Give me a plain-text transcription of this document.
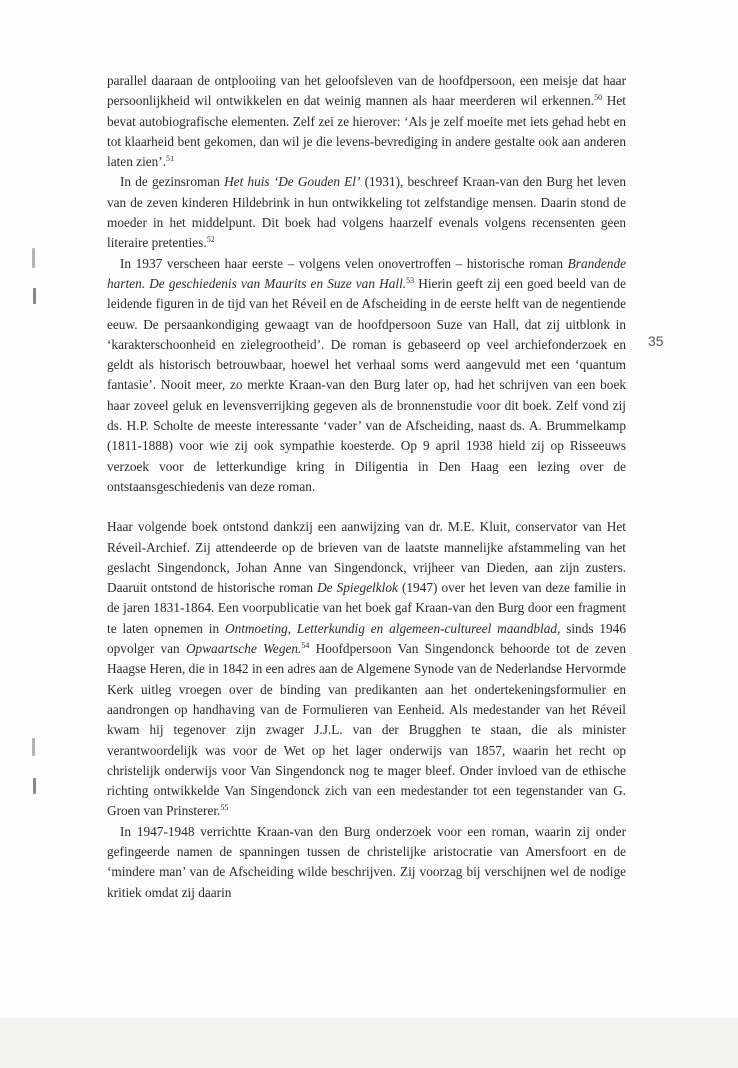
parallel daaraan de ontplooiing van het geloofsleven van de hoofdpersoon, een meisje dat haar persoonlijkheid wil ontwikkelen en dat weinig mannen als haar meerderen wil erkennen.$^{50}$ Het bevat autobiografische elementen. Zelf zei ze hierover: ‘Als je zelf moeite met iets gehad hebt en tot klaarheid bent gekomen, dan wil je die levens-bevrediging in andere gestalte ook aan anderen laten zien’.$^{51}$

In de gezinsroman Het huis ‘De Gouden El’ (1931), beschreef Kraan-van den Burg het leven van de zeven kinderen Hildebrink in hun ontwikkeling tot zelfstandige mensen. Daarin stond de moeder in het middelpunt. Dit boek had volgens haarzelf evenals volgens recensenten geen literaire pretenties.$^{52}$

In 1937 verscheen haar eerste – volgens velen onovertroffen – historische roman Brandende harten. De geschiedenis van Maurits en Suze van Hall.$^{53}$ Hierin geeft zij een goed beeld van de leidende figuren in de tijd van het Réveil en de Afscheiding in de eerste helft van de negentiende eeuw. De persaankondiging gewaagt van de hoofdpersoon Suze van Hall, dat zij uitblonk in ‘karakterschoonheid en zielegrootheid’. De roman is gebaseerd op veel archiefonderzoek en geldt als historisch betrouwbaar, hoewel het verhaal soms werd aangevuld met een ‘quantum fantasie’. Nooit meer, zo merkte Kraan-van den Burg later op, had het schrijven van een boek haar zoveel geluk en levensverrijking gegeven als de bronnenstudie voor dit boek. Zelf vond zij ds. H.P. Scholte de meeste interessante ‘vader’ van de Afscheiding, naast ds. A. Brummelkamp (1811-1888) voor wie zij ook sympathie koesterde. Op 9 april 1938 hield zij op Risseeuws verzoek voor de letterkundige kring in Diligentia in Den Haag een lezing over de ontstaansgeschiedenis van deze roman.

Haar volgende boek ontstond dankzij een aanwijzing van dr. M.E. Kluit, conservator van Het Réveil-Archief. Zij attendeerde op de brieven van de laatste mannelijke afstammeling van het geslacht Singendonck, Johan Anne van Singendonck, vrijheer van Dieden, aan zijn zusters. Daaruit ontstond de historische roman De Spiegelklok (1947) over het leven van deze familie in de jaren 1831-1864. Een voorpublicatie van het boek gaf Kraan-van den Burg door een fragment te laten opnemen in Ontmoeting, Letterkundig en algemeen-cultureel maandblad, sinds 1946 opvolger van Opwaartsche Wegen.$^{54}$ Hoofdpersoon Van Singendonck behoorde tot de zeven Haagse Heren, die in 1842 in een adres aan de Algemene Synode van de Nederlandse Hervormde Kerk uitleg vroegen over de binding van predikanten aan het ondertekeningsformulier en aandrongen op handhaving van de Formulieren van Eenheid. Als medestander van het Réveil kwam hij tegenover zijn zwager J.J.L. van der Brugghen te staan, die als minister verantwoordelijk was voor de Wet op het lager onderwijs van 1857, waarin het recht op christelijk onderwijs voor Van Singendonck nog te mager bleef. Onder invloed van de ethische richting ontwikkelde Van Singendonck zich van een medestander tot een tegenstander van G. Groen van Prinsterer.$^{55}$

In 1947-1948 verrichtte Kraan-van den Burg onderzoek voor een roman, waarin zij onder gefingeerde namen de spanningen tussen de christelijke aristocratie van Amersfoort en de ‘mindere man’ van de Afscheiding wilde beschrijven. Zij voorzag bij verschijnen wel de nodige kritiek omdat zij daarin

35
